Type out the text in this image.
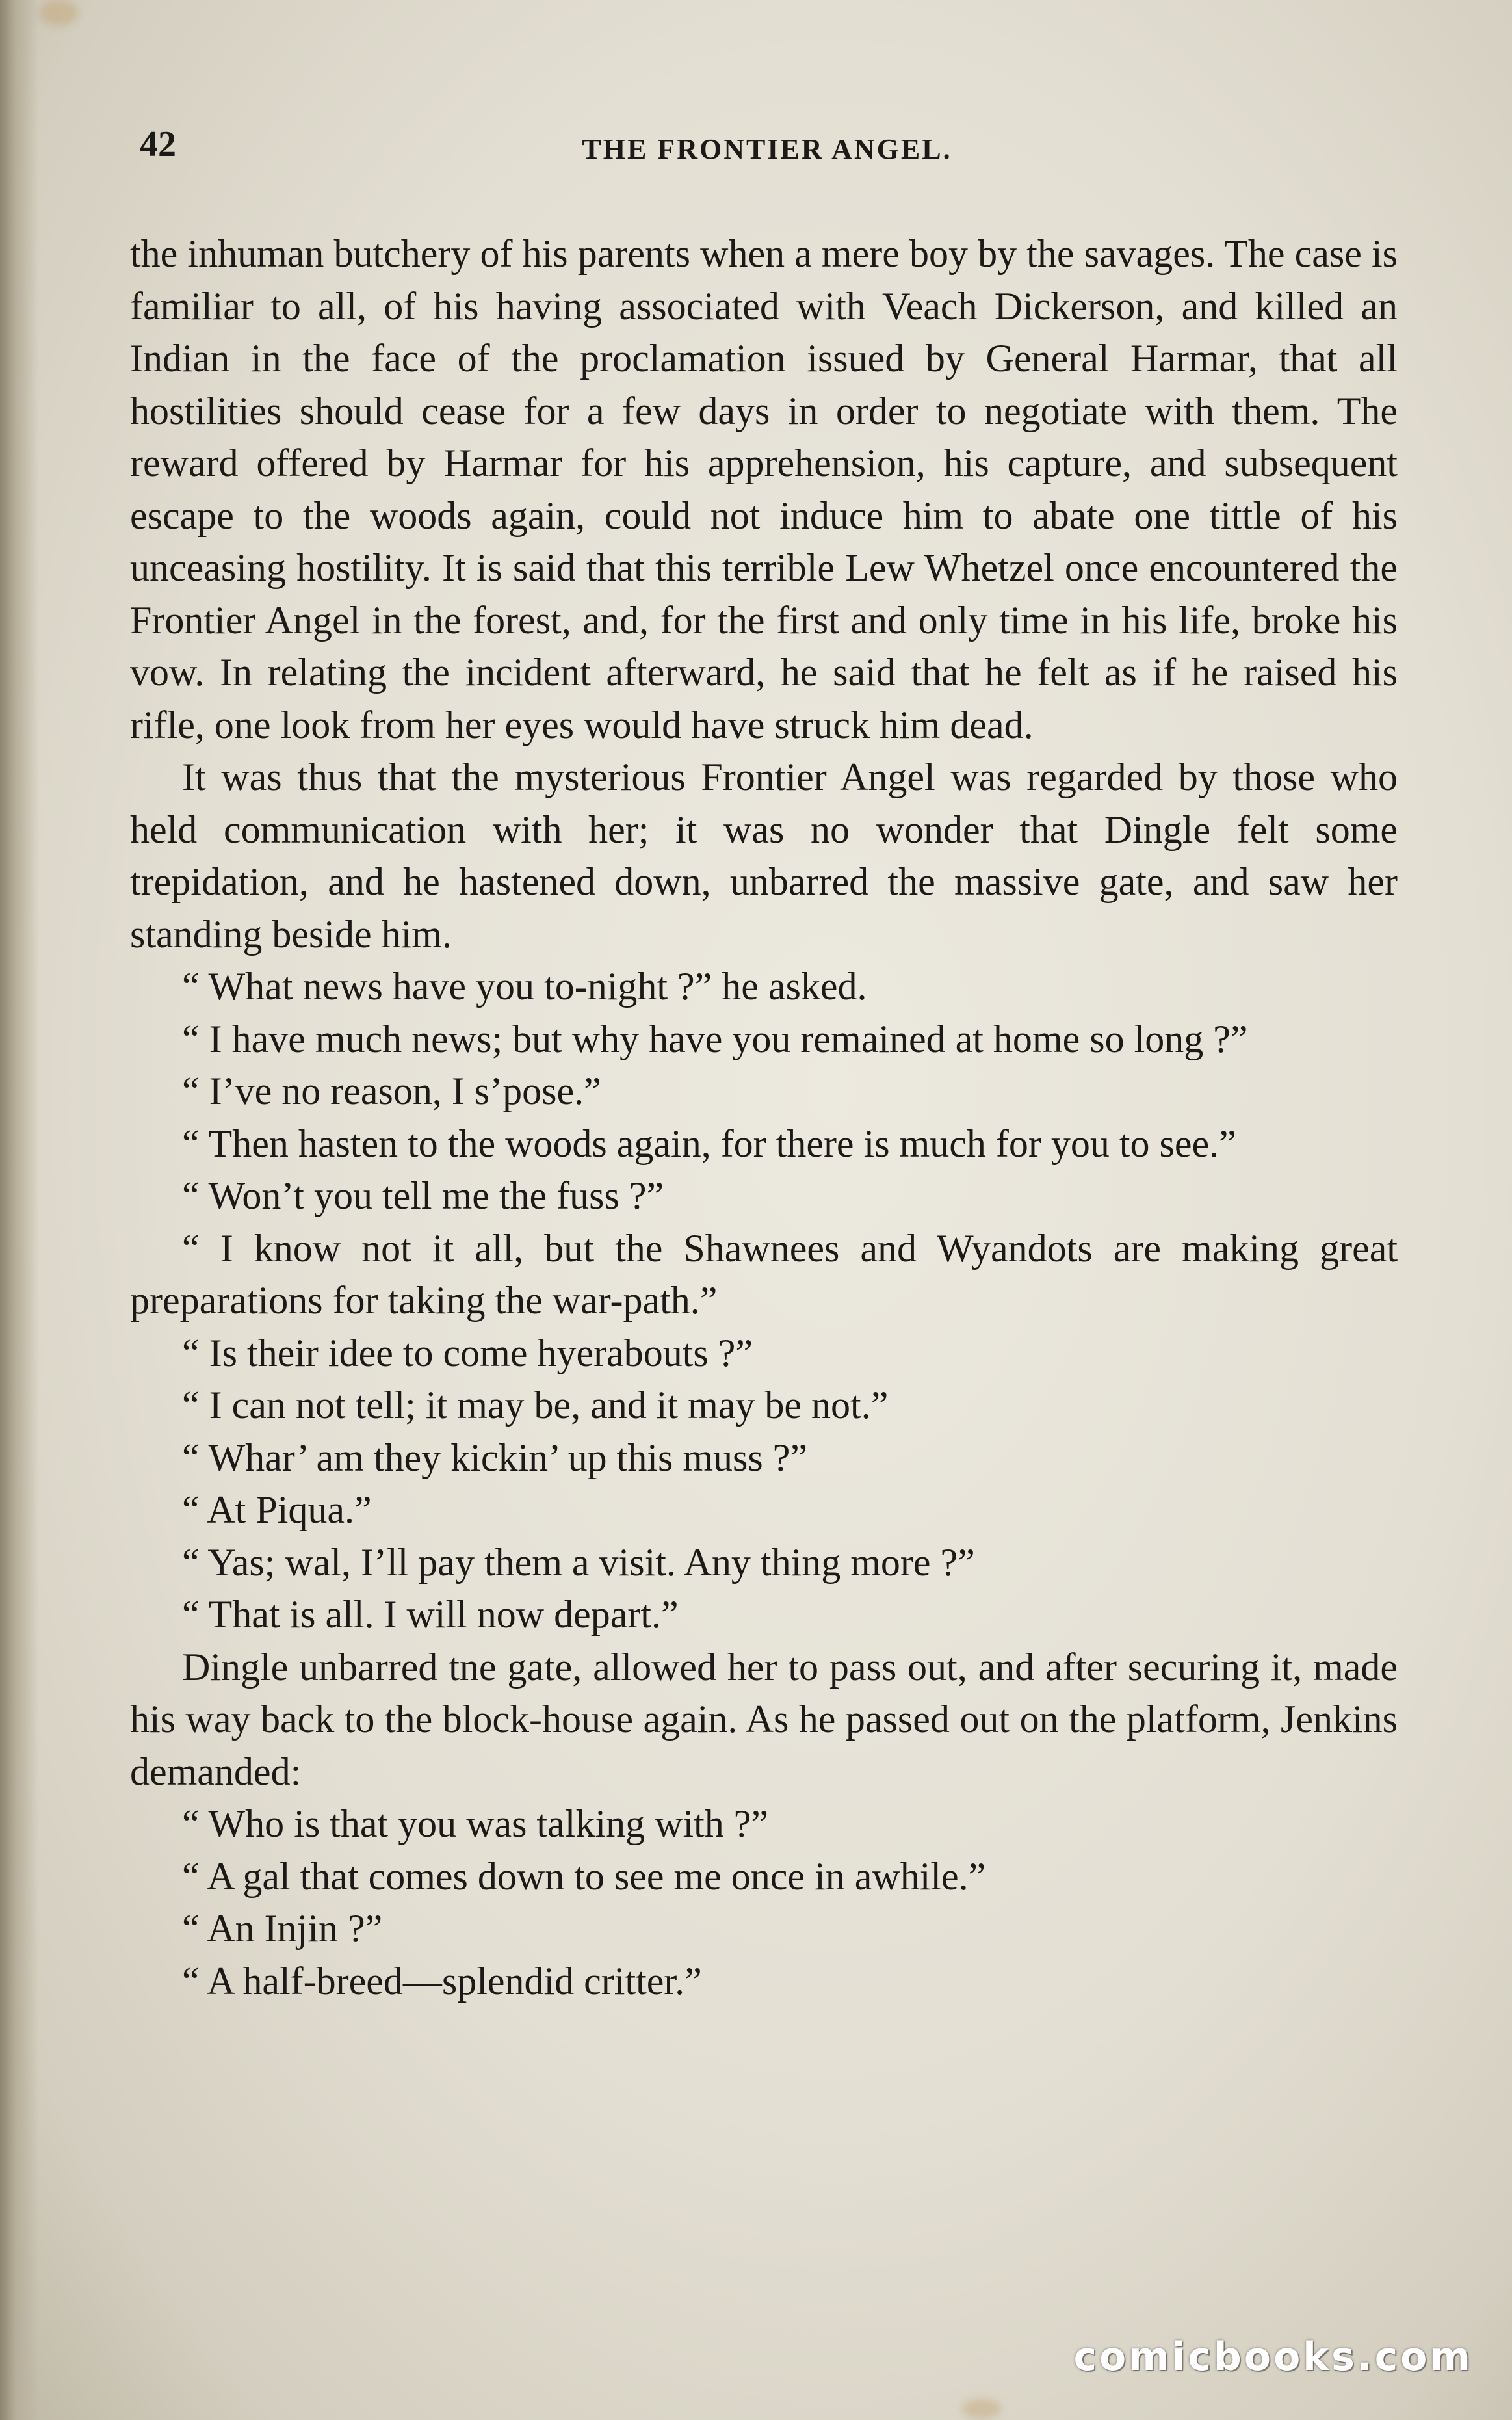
42	THE FRONTIER ANGEL.

the inhuman butchery of his parents when a mere boy by the savages. The case is familiar to all, of his having associated with Veach Dickerson, and killed an Indian in the face of the proclamation issued by General Harmar, that all hostilities should cease for a few days in order to negotiate with them. The reward offered by Harmar for his apprehension, his capture, and subsequent escape to the woods again, could not induce him to abate one tittle of his unceasing hostility. It is said that this terrible Lew Whetzel once encountered the Frontier Angel in the forest, and, for the first and only time in his life, broke his vow. In relating the incident afterward, he said that he felt as if he raised his rifle, one look from her eyes would have struck him dead.

It was thus that the mysterious Frontier Angel was regarded by those who held communication with her; it was no wonder that Dingle felt some trepidation, and he hastened down, unbarred the massive gate, and saw her standing beside him.

“ What news have you to-night ?” he asked.

“ I have much news; but why have you remained at home so long ?”

“ I’ve no reason, I s’pose.”

“ Then hasten to the woods again, for there is much for you to see.”

“ Won’t you tell me the fuss ?”

“ I know not it all, but the Shawnees and Wyandots are making great preparations for taking the war-path.”

“ Is their idee to come hyerabouts ?”

“ I can not tell; it may be, and it may be not.”

“ Whar’ am they kickin’ up this muss ?”

“ At Piqua.”

“ Yas; wal, I’ll pay them a visit. Any thing more ?”

“ That is all. I will now depart.”

Dingle unbarred tne gate, allowed her to pass out, and after securing it, made his way back to the block-house again. As he passed out on the platform, Jenkins demanded:

“ Who is that you was talking with ?”

“ A gal that comes down to see me once in awhile.”

“ An Injin ?”

“ A half-breed—splendid critter.”

comicbooks.com
